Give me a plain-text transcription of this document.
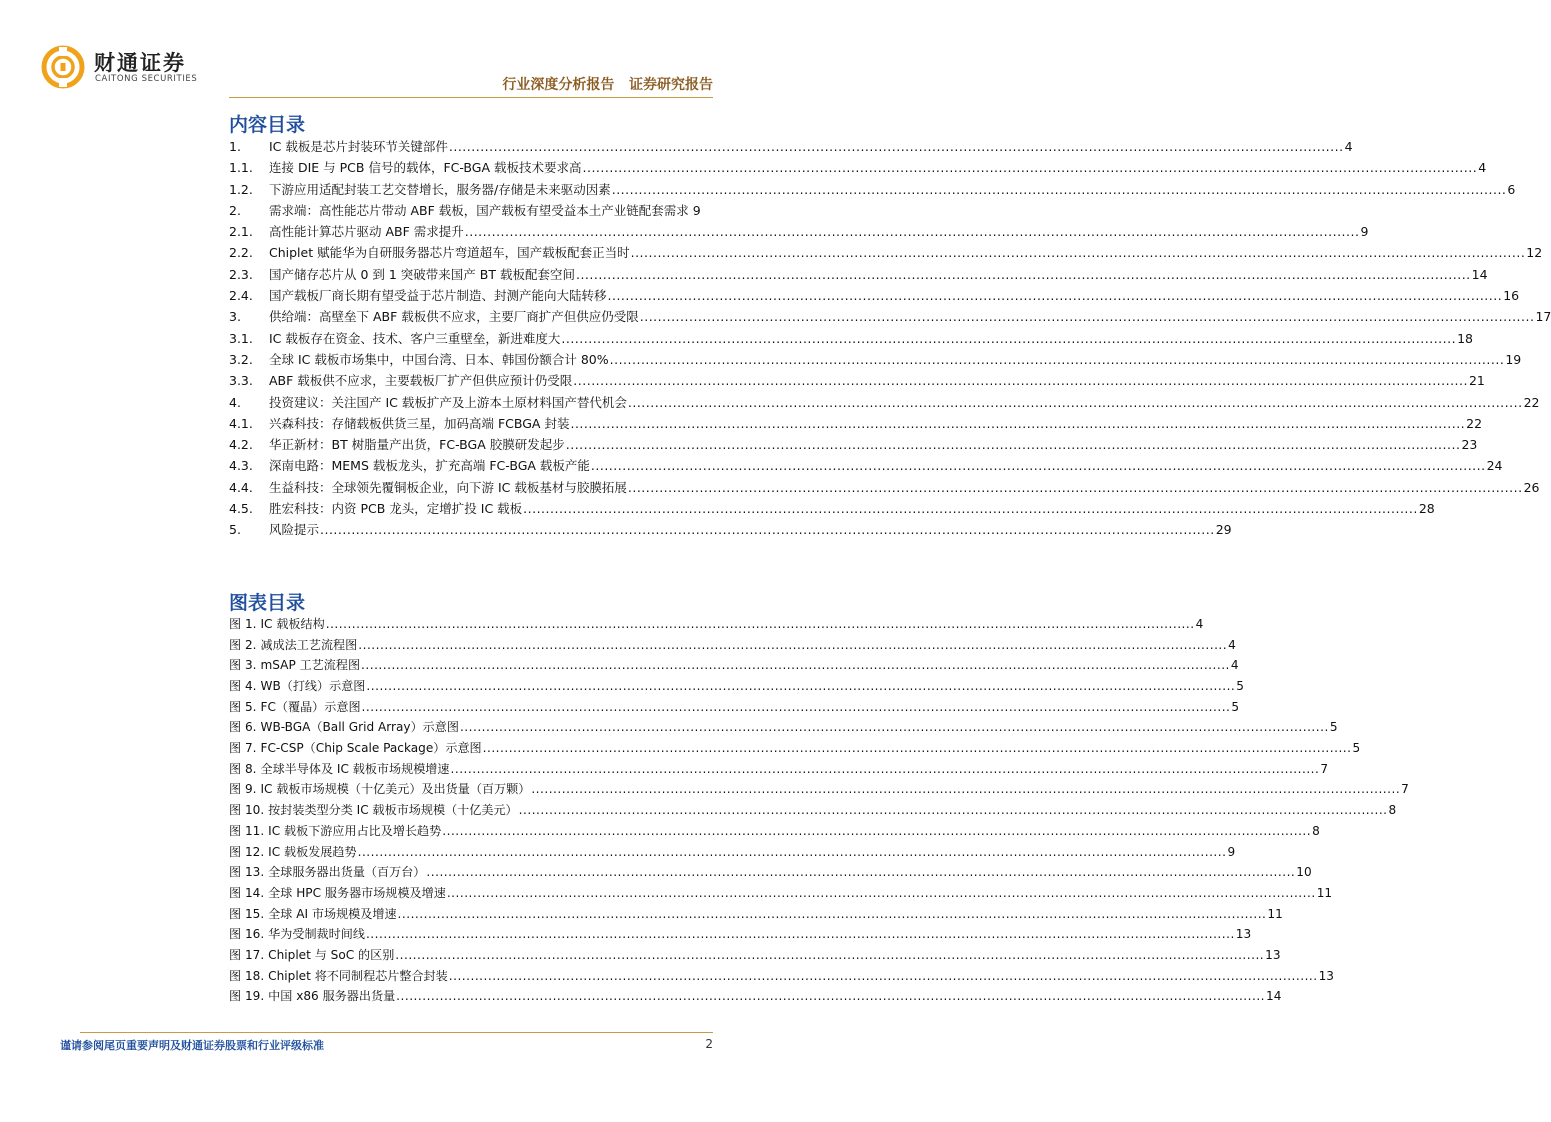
财通证券
CAITONG SECURITIES	行业深度分析报告   证券研究报告
内容目录
1.	IC 载板是芯片封装环节关键部件 ........................................................................................................................................................................................................ 4
1.1.	连接 DIE 与 PCB 信号的载体，FC-BGA 载板技术要求高 ........................................................................................................................................................................................................ 4
1.2.	下游应用适配封装工艺交替增长，服务器/存储是未来驱动因素 ........................................................................................................................................................................................................ 6
2. 需求端：高性能芯片带动 ABF 载板，国产载板有望受益本土产业链配套需求 9
2.1.	高性能计算芯片驱动 ABF 需求提升 ........................................................................................................................................................................................................ 9
2.2.	Chiplet 赋能华为自研服务器芯片弯道超车，国产载板配套正当时 ........................................................................................................................................................................................................ 12
2.3.	国产储存芯片从 0 到 1 突破带来国产 BT 载板配套空间 ........................................................................................................................................................................................................ 14
2.4.	国产载板厂商长期有望受益于芯片制造、封测产能向大陆转移 ........................................................................................................................................................................................................ 16
3.	供给端：高壁垒下 ABF 载板供不应求，主要厂商扩产但供应仍受限 ........................................................................................................................................................................................................ 17
3.1.	IC 载板存在资金、技术、客户三重壁垒，新进难度大 ........................................................................................................................................................................................................ 18
3.2.	全球 IC 载板市场集中，中国台湾、日本、韩国份额合计 80% ........................................................................................................................................................................................................ 19
3.3.	ABF 载板供不应求，主要载板厂扩产但供应预计仍受限 ........................................................................................................................................................................................................ 21
4.	投资建议：关注国产 IC 载板扩产及上游本土原材料国产替代机会 ........................................................................................................................................................................................................ 22
4.1.	兴森科技：存储载板供货三星，加码高端 FCBGA 封装 ........................................................................................................................................................................................................ 22
4.2.	华正新材：BT 树脂量产出货，FC-BGA 胶膜研发起步 ........................................................................................................................................................................................................ 23
4.3.	深南电路：MEMS 载板龙头，扩充高端 FC-BGA 载板产能 ........................................................................................................................................................................................................ 24
4.4.	生益科技：全球领先覆铜板企业，向下游 IC 载板基材与胶膜拓展 ........................................................................................................................................................................................................ 26
4.5.	胜宏科技：内资 PCB 龙头，定增扩投 IC 载板 ........................................................................................................................................................................................................ 28
5.	风险提示 ........................................................................................................................................................................................................ 29
图表目录
图 1. IC 载板结构 ........................................................................................................................................................................................................ 4
图 2. 减成法工艺流程图 ........................................................................................................................................................................................................ 4
图 3. mSAP 工艺流程图 ........................................................................................................................................................................................................ 4
图 4. WB（打线）示意图 ........................................................................................................................................................................................................ 5
图 5. FC（覆晶）示意图 ........................................................................................................................................................................................................ 5
图 6. WB-BGA（Ball Grid Array）示意图 ........................................................................................................................................................................................................ 5
图 7. FC-CSP（Chip Scale Package）示意图 ........................................................................................................................................................................................................ 5
图 8. 全球半导体及 IC 载板市场规模增速 ........................................................................................................................................................................................................ 7
图 9. IC 载板市场规模（十亿美元）及出货量（百万颗） ........................................................................................................................................................................................................ 7
图 10. 按封装类型分类 IC 载板市场规模（十亿美元） ........................................................................................................................................................................................................ 8
图 11. IC 载板下游应用占比及增长趋势 ........................................................................................................................................................................................................ 8
图 12. IC 载板发展趋势 ........................................................................................................................................................................................................ 9
图 13. 全球服务器出货量（百万台） ........................................................................................................................................................................................................ 10
图 14. 全球 HPC 服务器市场规模及增速 ........................................................................................................................................................................................................ 11
图 15. 全球 AI 市场规模及增速 ........................................................................................................................................................................................................ 11
图 16. 华为受制裁时间线 ........................................................................................................................................................................................................ 13
图 17. Chiplet 与 SoC 的区别 ........................................................................................................................................................................................................ 13
图 18. Chiplet 将不同制程芯片整合封装 ........................................................................................................................................................................................................ 13
图 19. 中国 x86 服务器出货量 ........................................................................................................................................................................................................ 14
谨请参阅尾页重要声明及财通证券股票和行业评级标准	2
